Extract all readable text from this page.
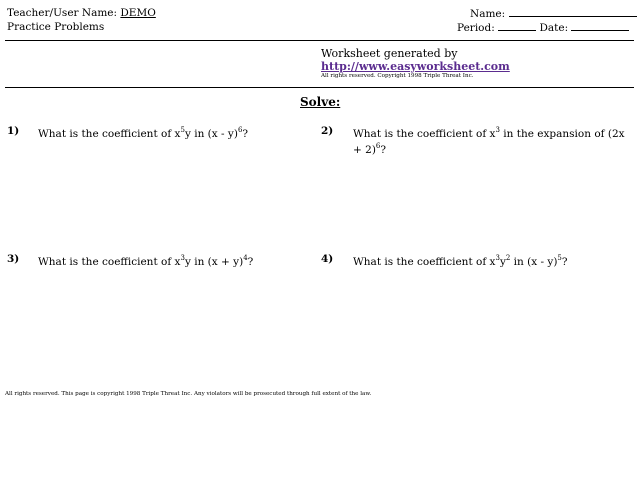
Teacher/User Name: DEMO
Practice Problems
Name:
Period:	Date:
Worksheet generated by
http://www.easyworksheet.com
All rights reserved. Copyright 1998 Triple Threat Inc.
Solve:
1) What is the coefficient of $x^5y$ in (x - y)$^6$?	2) What is the coefficient of $x^3$ in the expansion of $(2x + 2)^6$?
3) What is the coefficient of $x^3y$ in $(x + y)^4$?	4) What is the coefficient of $x^3y^2$ in (x - y)$^5$?
All rights reserved. This page is copyright 1998 Triple Threat Inc. Any violators will be prosecuted through full extent of the law.
